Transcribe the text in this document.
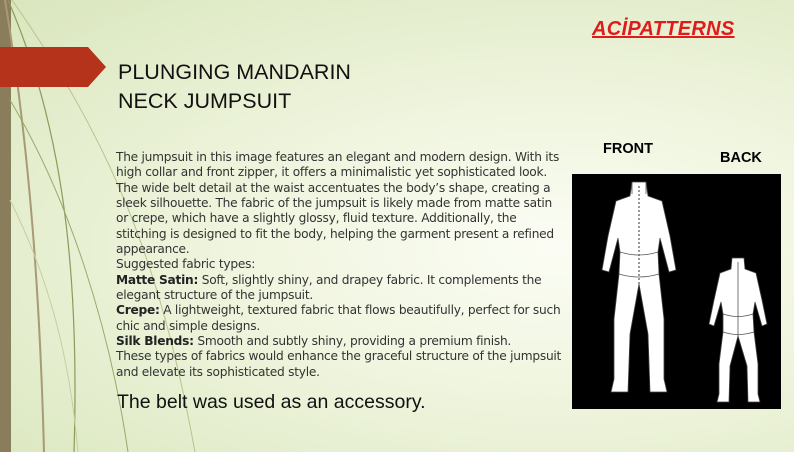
ACİPATTERNS
PLUNGING MANDARIN
NECK JUMPSUIT

The jumpsuit in this image features an elegant and modern design. With its high collar and front zipper, it offers a minimalistic yet sophisticated look. The wide belt detail at the waist accentuates the body’s shape, creating a sleek silhouette. The fabric of the jumpsuit is likely made from matte satin or crepe, which have a slightly glossy, fluid texture. Additionally, the stitching is designed to fit the body, helping the garment present a refined appearance.

Suggested fabric types:

Matte Satin: Soft, slightly shiny, and drapey fabric. It complements the elegant structure of the jumpsuit.

Crepe: A lightweight, textured fabric that flows beautifully, perfect for such chic and simple designs.

Silk Blends: Smooth and subtly shiny, providing a premium finish.

These types of fabrics would enhance the graceful structure of the jumpsuit and elevate its sophisticated style.

The belt was used as an accessory.
FRONT
BACK
